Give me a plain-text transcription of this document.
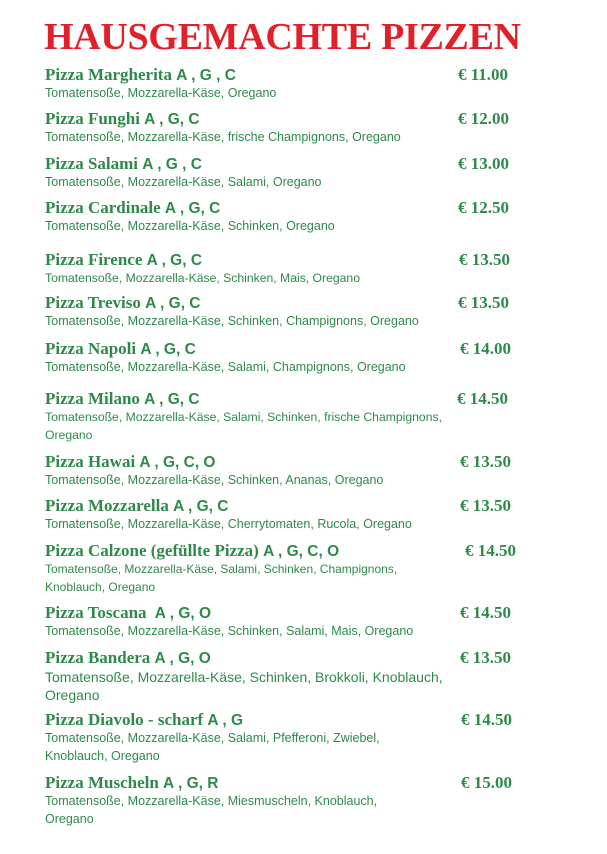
HAUSGEMACHTE PIZZEN
Pizza Margherita A , G , C	€ 11.00
Tomatensoße, Mozzarella-Käse, Oregano
Pizza Funghi A , G, C	€ 12.00
Tomatensoße, Mozzarella-Käse, frische Champignons, Oregano
Pizza Salami A , G , C	€ 13.00
Tomatensoße, Mozzarella-Käse, Salami, Oregano
Pizza Cardinale A , G, C	€ 12.50
Tomatensoße, Mozzarella-Käse, Schinken, Oregano
Pizza Firence A , G, C	€ 13.50
Tomatensoße, Mozzarella-Käse, Schinken, Mais, Oregano
Pizza Treviso A , G, C	€ 13.50
Tomatensoße, Mozzarella-Käse, Schinken, Champignons, Oregano
Pizza Napoli A , G, C	€ 14.00
Tomatensoße, Mozzarella-Käse, Salami, Champignons, Oregano
Pizza Milano A , G, C	€ 14.50
Tomatensoße, Mozzarella-Käse, Salami, Schinken, frische Champignons, Oregano
Pizza Hawai A , G, C, O	€ 13.50
Tomatensoße, Mozzarella-Käse, Schinken, Ananas, Oregano
Pizza Mozzarella A , G, C	€ 13.50
Tomatensoße, Mozzarella-Käse, Cherrytomaten, Rucola, Oregano
Pizza Calzone (gefüllte Pizza) A , G, C, O	€ 14.50
Tomatensoße, Mozzarella-Käse, Salami, Schinken, Champignons, Knoblauch, Oregano
Pizza Toscana A , G, O	€ 14.50
Tomatensoße, Mozzarella-Käse, Schinken, Salami, Mais, Oregano
Pizza Bandera A , G, O	€ 13.50
Tomatensoße, Mozzarella-Käse, Schinken, Brokkoli, Knoblauch, Oregano
Pizza Diavolo - scharf A , G	€ 14.50
Tomatensoße, Mozzarella-Käse, Salami, Pfefferoni, Zwiebel, Knoblauch, Oregano
Pizza Muscheln A , G, R	€ 15.00
Tomatensoße, Mozzarella-Käse, Miesmuscheln, Knoblauch, Oregano
